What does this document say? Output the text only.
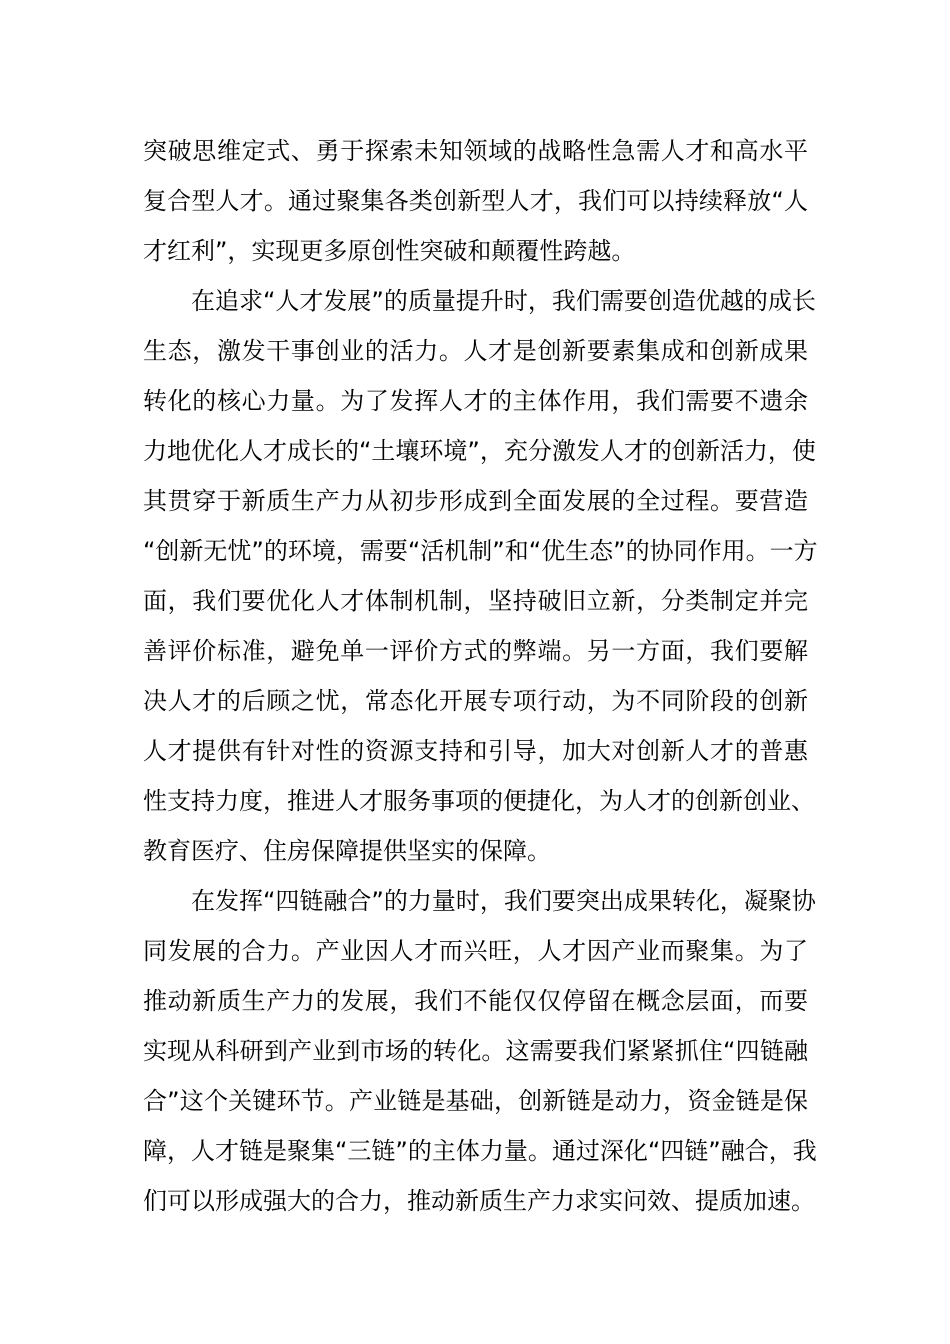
突破思维定式、勇于探索未知领域的战略性急需人才和高水平
复合型人才。通过聚集各类创新型人才，我们可以持续释放“人
才红利”，实现更多原创性突破和颠覆性跨越。
在追求“人才发展”的质量提升时，我们需要创造优越的成长
生态，激发干事创业的活力。人才是创新要素集成和创新成果
转化的核心力量。为了发挥人才的主体作用，我们需要不遗余
力地优化人才成长的“土壤环境”，充分激发人才的创新活力，使
其贯穿于新质生产力从初步形成到全面发展的全过程。要营造
“创新无忧”的环境，需要“活机制”和“优生态”的协同作用。一方
面，我们要优化人才体制机制，坚持破旧立新，分类制定并完
善评价标准，避免单一评价方式的弊端。另一方面，我们要解
决人才的后顾之忧，常态化开展专项行动，为不同阶段的创新
人才提供有针对性的资源支持和引导，加大对创新人才的普惠
性支持力度，推进人才服务事项的便捷化，为人才的创新创业、
教育医疗、住房保障提供坚实的保障。
在发挥“四链融合”的力量时，我们要突出成果转化，凝聚协
同发展的合力。产业因人才而兴旺，人才因产业而聚集。为了
推动新质生产力的发展，我们不能仅仅停留在概念层面，而要
实现从科研到产业到市场的转化。这需要我们紧紧抓住“四链融
合”这个关键环节。产业链是基础，创新链是动力，资金链是保
障，人才链是聚集“三链”的主体力量。通过深化“四链”融合，我
们可以形成强大的合力，推动新质生产力求实问效、提质加速。
